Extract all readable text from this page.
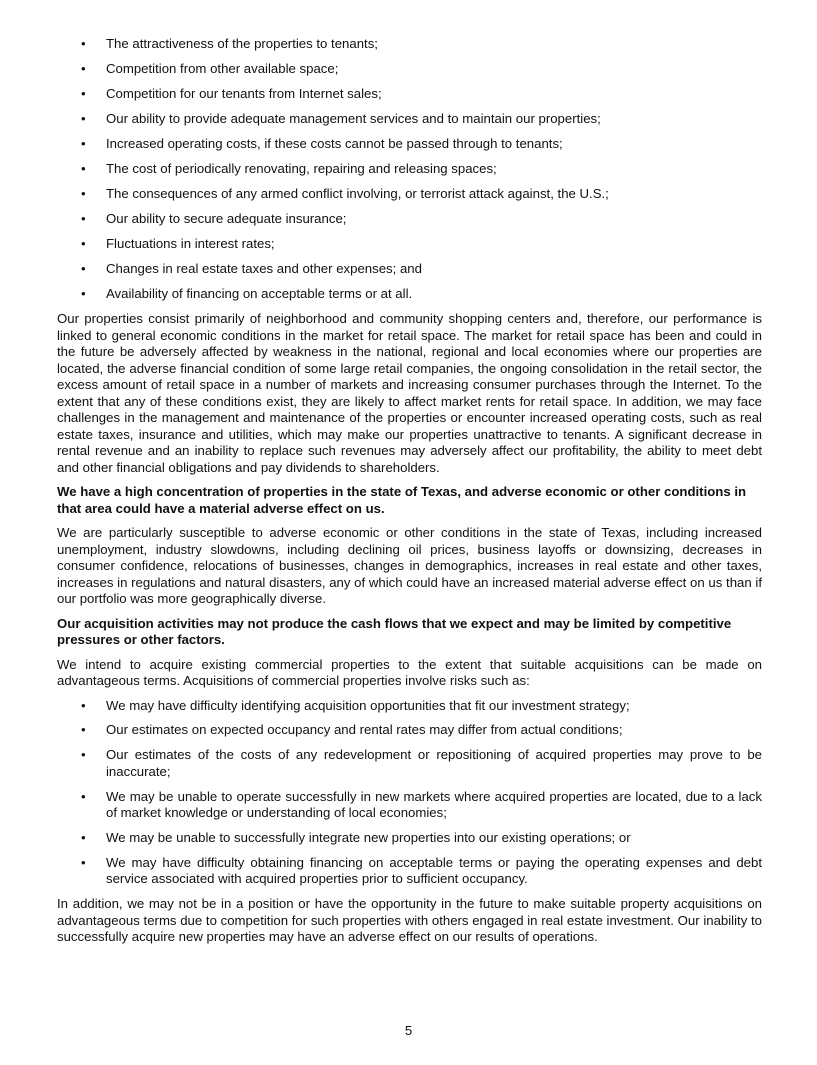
• The attractiveness of the properties to tenants;
• Competition from other available space;
• Competition for our tenants from Internet sales;
• Our ability to provide adequate management services and to maintain our properties;
• Increased operating costs, if these costs cannot be passed through to tenants;
• The cost of periodically renovating, repairing and releasing spaces;
• The consequences of any armed conflict involving, or terrorist attack against, the U.S.;
• Our ability to secure adequate insurance;
• Fluctuations in interest rates;
• Changes in real estate taxes and other expenses; and
• Availability of financing on acceptable terms or at all.

Our properties consist primarily of neighborhood and community shopping centers and, therefore, our performance is linked to general economic conditions in the market for retail space. The market for retail space has been and could in the future be adversely affected by weakness in the national, regional and local economies where our properties are located, the adverse financial condition of some large retail companies, the ongoing consolidation in the retail sector, the excess amount of retail space in a number of markets and increasing consumer purchases through the Internet. To the extent that any of these conditions exist, they are likely to affect market rents for retail space. In addition, we may face challenges in the management and maintenance of the properties or encounter increased operating costs, such as real estate taxes, insurance and utilities, which may make our properties unattractive to tenants. A significant decrease in rental revenue and an inability to replace such revenues may adversely affect our profitability, the ability to meet debt and other financial obligations and pay dividends to shareholders.

We have a high concentration of properties in the state of Texas, and adverse economic or other conditions in that area could have a material adverse effect on us.

We are particularly susceptible to adverse economic or other conditions in the state of Texas, including increased unemployment, industry slowdowns, including declining oil prices, business layoffs or downsizing, decreases in consumer confidence, relocations of businesses, changes in demographics, increases in real estate and other taxes, increases in regulations and natural disasters, any of which could have an increased material adverse effect on us than if our portfolio was more geographically diverse.

Our acquisition activities may not produce the cash flows that we expect and may be limited by competitive pressures or other factors.

We intend to acquire existing commercial properties to the extent that suitable acquisitions can be made on advantageous terms. Acquisitions of commercial properties involve risks such as:

• We may have difficulty identifying acquisition opportunities that fit our investment strategy;
• Our estimates on expected occupancy and rental rates may differ from actual conditions;
• Our estimates of the costs of any redevelopment or repositioning of acquired properties may prove to be inaccurate;
• We may be unable to operate successfully in new markets where acquired properties are located, due to a lack of market knowledge or understanding of local economies;
• We may be unable to successfully integrate new properties into our existing operations; or
• We may have difficulty obtaining financing on acceptable terms or paying the operating expenses and debt service associated with acquired properties prior to sufficient occupancy.

In addition, we may not be in a position or have the opportunity in the future to make suitable property acquisitions on advantageous terms due to competition for such properties with others engaged in real estate investment. Our inability to successfully acquire new properties may have an adverse effect on our results of operations.

5
